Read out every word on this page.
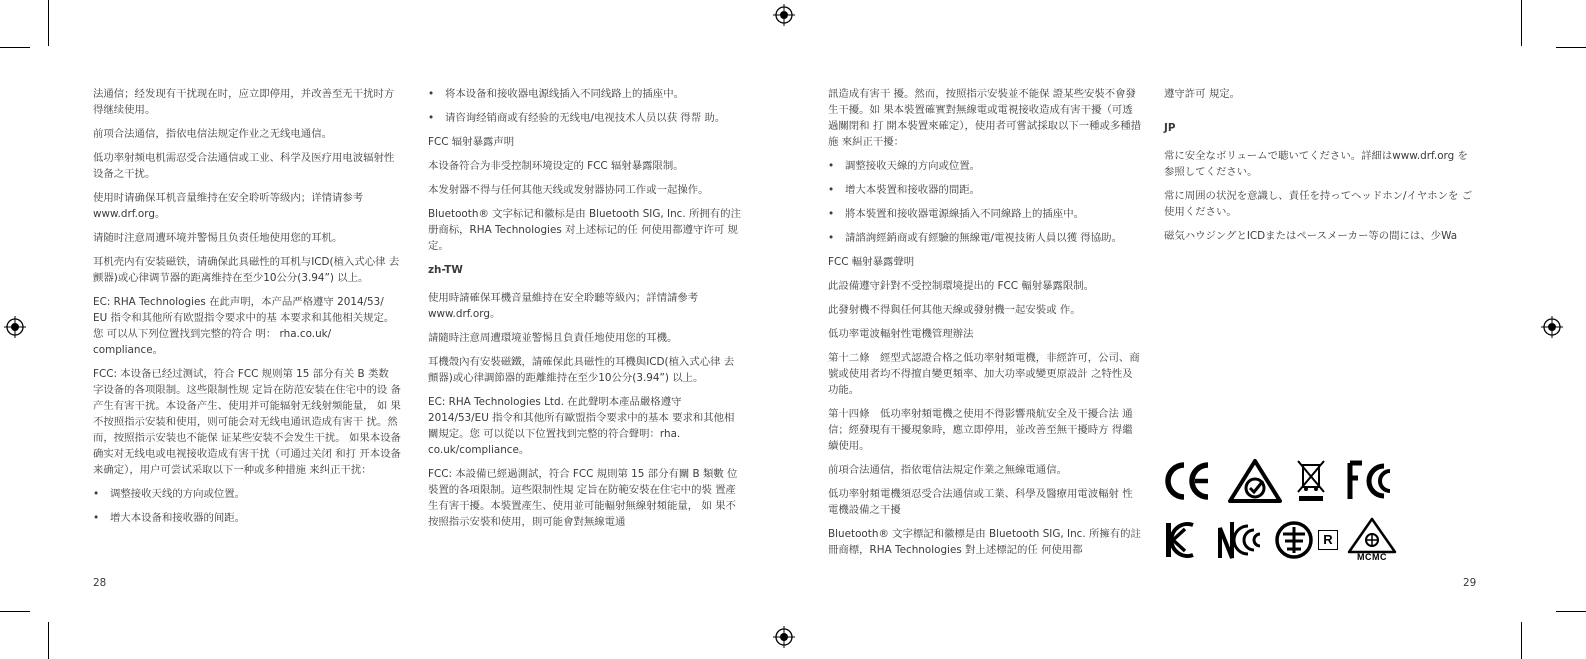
法通信；经发现有干扰现在时，应立即停用，并改善至无干扰时方得继续使用。

前项合法通信，指依电信法规定作业之无线电通信。

低功率射频电机需忍受合法通信或工业、科学及医疗用电波辐射性设备之干扰。

使用时请确保耳机音量维持在安全聆听等级内；详情请参考 www.drf.org。

请随时注意周遭环境并警惕且负责任地使用您的耳机。

耳机壳内有安装磁铁，请确保此具磁性的耳机与ICD(植入式心律 去颤器)或心律调节器的距离维持在至少10公分(3.94”) 以上。

EC: RHA Technologies 在此声明，本产品严格遵守 2014/53/ EU 指令和其他所有欧盟指令要求中的基 本要求和其他相关规定。您 可以从下列位置找到完整的符合 明： rha.co.uk/ compliance。

FCC: 本设备已经过测试，符合 FCC 规则第 15 部分有关 B 类数 字设备的各项限制。这些限制性规 定旨在防范安装在住宅中的设 备产生有害干扰。本设备产生、使用并可能辐射无线射频能量， 如 果不按照指示安装和使用，则可能会对无线电通讯造成有害干 扰。然而，按照指示安装也不能保 证某些安装不会发生干扰。 如果本设备确实对无线电或电视接收造成有害干扰（可通过关闭 和打 开本设备来确定），用户可尝试采取以下一种或多种措施 来纠正干扰：

• 调整接收天线的方向或位置。
• 增大本设备和接收器的间距。
• 将本设备和接收器电源线插入不同线路上的插座中。
• 请咨询经销商或有经验的无线电/电视技术人员以获 得帮 助。

FCC 辐射暴露声明

本设备符合为非受控制环境设定的 FCC 辐射暴露限制。

本发射器不得与任何其他天线或发射器协同工作或一起操作。

Bluetooth® 文字标记和徽标是由 Bluetooth SIG, Inc. 所拥有的注 册商标，RHA Technologies 对上述标记的任 何使用都遵守许可 规定。

zh-TW

使用時請確保耳機音量維持在安全聆聽等級內；詳情請參考 www.drf.org。

請隨時注意周遭環境並警惕且負責任地使用您的耳機。

耳機殼內有安裝磁鐵，請確保此具磁性的耳機與ICD(植入式心律 去顫器)或心律調節器的距離維持在至少10公分(3.94”) 以上。

EC: RHA Technologies Ltd. 在此聲明本產品嚴格遵守 2014/53/EU 指令和其他所有歐盟指令要求中的基本 要求和其他相關規定。您 可以從以下位置找到完整的符合聲明：rha. co.uk/compliance。

FCC: 本設備已經過測試，符合 FCC 規則第 15 部分有關 B 類數 位裝置的各項限制。這些限制性規 定旨在防範安裝在住宅中的裝 置產生有害干擾。本裝置產生、使用並可能輻射無線射頻能量， 如 果不按照指示安裝和使用，則可能會對無線電通

訊造成有害干 擾。然而，按照指示安裝並不能保 證某些安裝不會發生干擾。如 果本裝置確實對無線電或電視接收造成有害干擾（可透過關閉和 打 開本裝置來確定），使用者可嘗試採取以下一種或多種措施 來糾正干擾：

• 調整接收天線的方向或位置。
• 增大本裝置和接收器的間距。
• 將本裝置和接收器電源線插入不同線路上的插座中。
• 請諮詢經銷商或有經驗的無線電/電視技術人員以獲 得協助。

FCC 輻射暴露聲明

此設備遵守針對不受控制環境提出的 FCC 輻射暴露限制。

此發射機不得與任何其他天線或發射機一起安裝或 作。

低功率電波輻射性電機管理辦法

第十二條　經型式認證合格之低功率射頻電機，非經許可，公司、商號或使用者均不得擅自變更頻率、加大功率或變更原設計 之特性及功能。

第十四條　低功率射頻電機之使用不得影響飛航安全及干擾合法 通信；經發現有干擾現象時，應立即停用，並改善至無干擾時方 得繼續使用。

前項合法通信，指依電信法規定作業之無線電通信。

低功率射頻電機須忍受合法通信或工業、科學及醫療用電波輻射 性電機設備之干擾

Bluetooth® 文字標記和徽標是由 Bluetooth SIG, Inc. 所擁有的註 冊商標，RHA Technologies 對上述標記的任 何使用都

遵守許可 規定。

JP

常に安全なボリュームで聴いてください。詳細はwww.drf.org を 参照してください。

常に周囲の状況を意識し、責任を持ってヘッドホン/イヤホンを ご使用ください。

磁気ハウジングとICDまたはペースメーカー等の間には、少Wa

R
MCMC
28	29
